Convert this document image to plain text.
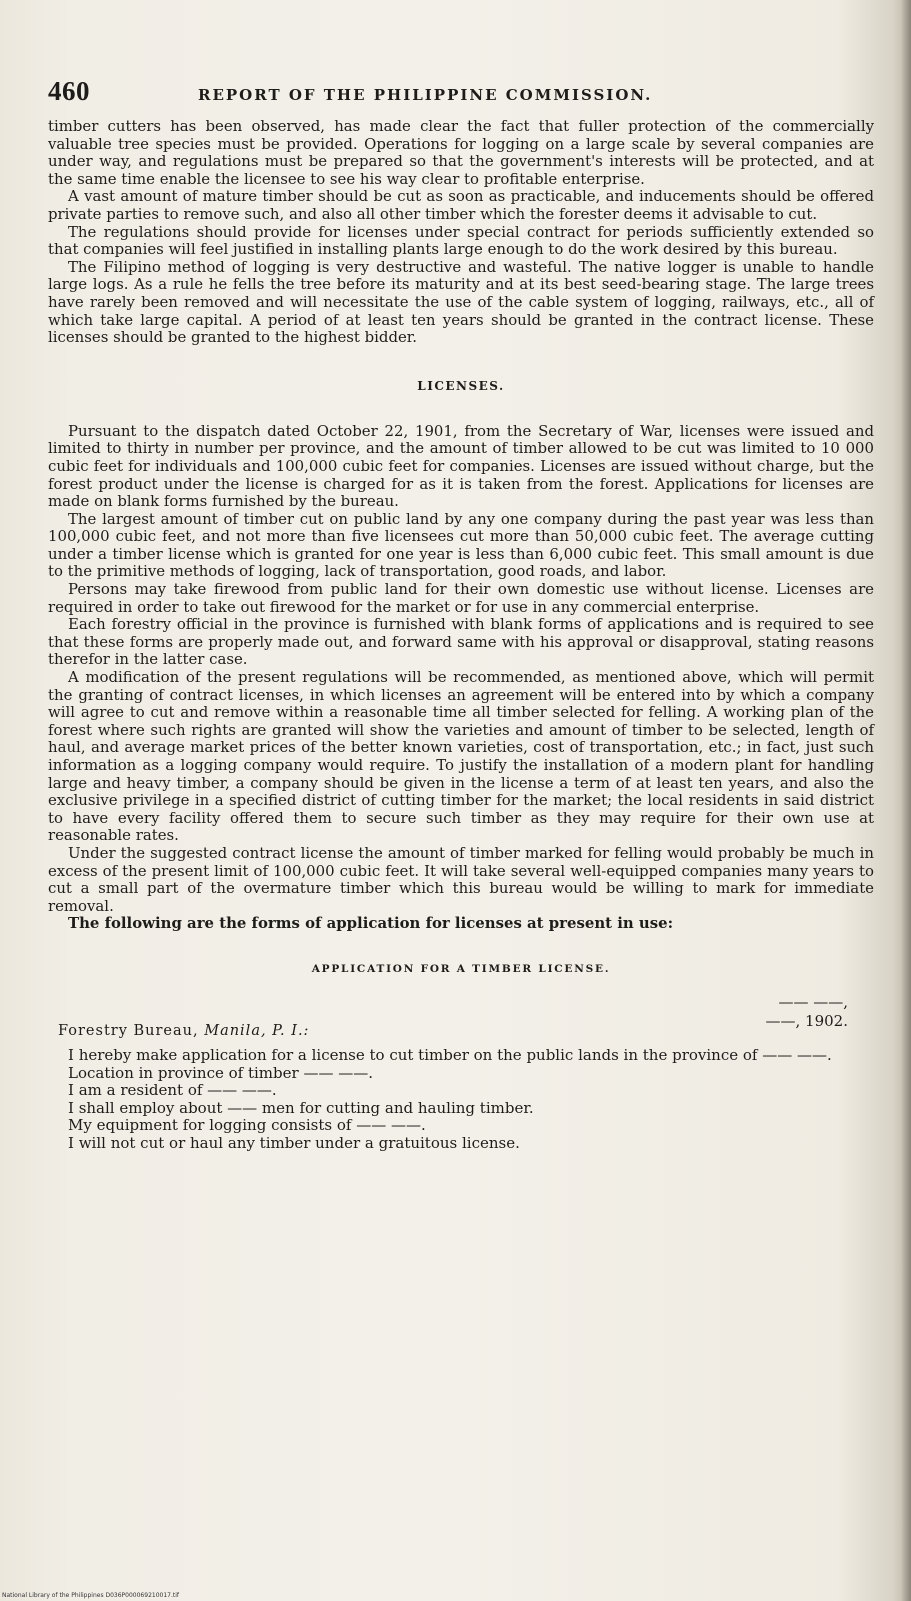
460	REPORT OF THE PHILIPPINE COMMISSION.

timber cutters has been observed, has made clear the fact that fuller protection of the commercially valuable tree species must be provided. Operations for logging on a large scale by several companies are under way, and regulations must be prepared so that the government's interests will be protected, and at the same time enable the licensee to see his way clear to profitable enterprise.

A vast amount of mature timber should be cut as soon as practicable, and inducements should be offered private parties to remove such, and also all other timber which the forester deems it advisable to cut.

The regulations should provide for licenses under special contract for periods sufficiently extended so that companies will feel justified in installing plants large enough to do the work desired by this bureau.

The Filipino method of logging is very destructive and wasteful. The native logger is unable to handle large logs. As a rule he fells the tree before its maturity and at its best seed-bearing stage. The large trees have rarely been removed and will necessitate the use of the cable system of logging, railways, etc., all of which take large capital. A period of at least ten years should be granted in the contract license. These licenses should be granted to the highest bidder.

LICENSES.

Pursuant to the dispatch dated October 22, 1901, from the Secretary of War, licenses were issued and limited to thirty in number per province, and the amount of timber allowed to be cut was limited to 10 000 cubic feet for individuals and 100,000 cubic feet for companies. Licenses are issued without charge, but the forest product under the license is charged for as it is taken from the forest. Applications for licenses are made on blank forms furnished by the bureau.

The largest amount of timber cut on public land by any one company during the past year was less than 100,000 cubic feet, and not more than five licensees cut more than 50,000 cubic feet. The average cutting under a timber license which is granted for one year is less than 6,000 cubic feet. This small amount is due to the primitive methods of logging, lack of transportation, good roads, and labor.

Persons may take firewood from public land for their own domestic use without license. Licenses are required in order to take out firewood for the market or for use in any commercial enterprise.

Each forestry official in the province is furnished with blank forms of applications and is required to see that these forms are properly made out, and forward same with his approval or disapproval, stating reasons therefor in the latter case.

A modification of the present regulations will be recommended, as mentioned above, which will permit the granting of contract licenses, in which licenses an agreement will be entered into by which a company will agree to cut and remove within a reasonable time all timber selected for felling. A working plan of the forest where such rights are granted will show the varieties and amount of timber to be selected, length of haul, and average market prices of the better known varieties, cost of transportation, etc.; in fact, just such information as a logging company would require. To justify the installation of a modern plant for handling large and heavy timber, a company should be given in the license a term of at least ten years, and also the exclusive privilege in a specified district of cutting timber for the market; the local residents in said district to have every facility offered them to secure such timber as they may require for their own use at reasonable rates.

Under the suggested contract license the amount of timber marked for felling would probably be much in excess of the present limit of 100,000 cubic feet. It will take several well-equipped companies many years to cut a small part of the overmature timber which this bureau would be willing to mark for immediate removal.

The following are the forms of application for licenses at present in use:

APPLICATION FOR A TIMBER LICENSE.
—— ——,
——, 1902.
Forestry Bureau, Manila, P. I.:

I hereby make application for a license to cut timber on the public lands in the province of —— ——.

Location in province of timber —— ——.

I am a resident of —— ——.

I shall employ about —— men for cutting and hauling timber.

My equipment for logging consists of —— ——.

I will not cut or haul any timber under a gratuitous license.

National Library of the Philippines D036P000069210017.tif
